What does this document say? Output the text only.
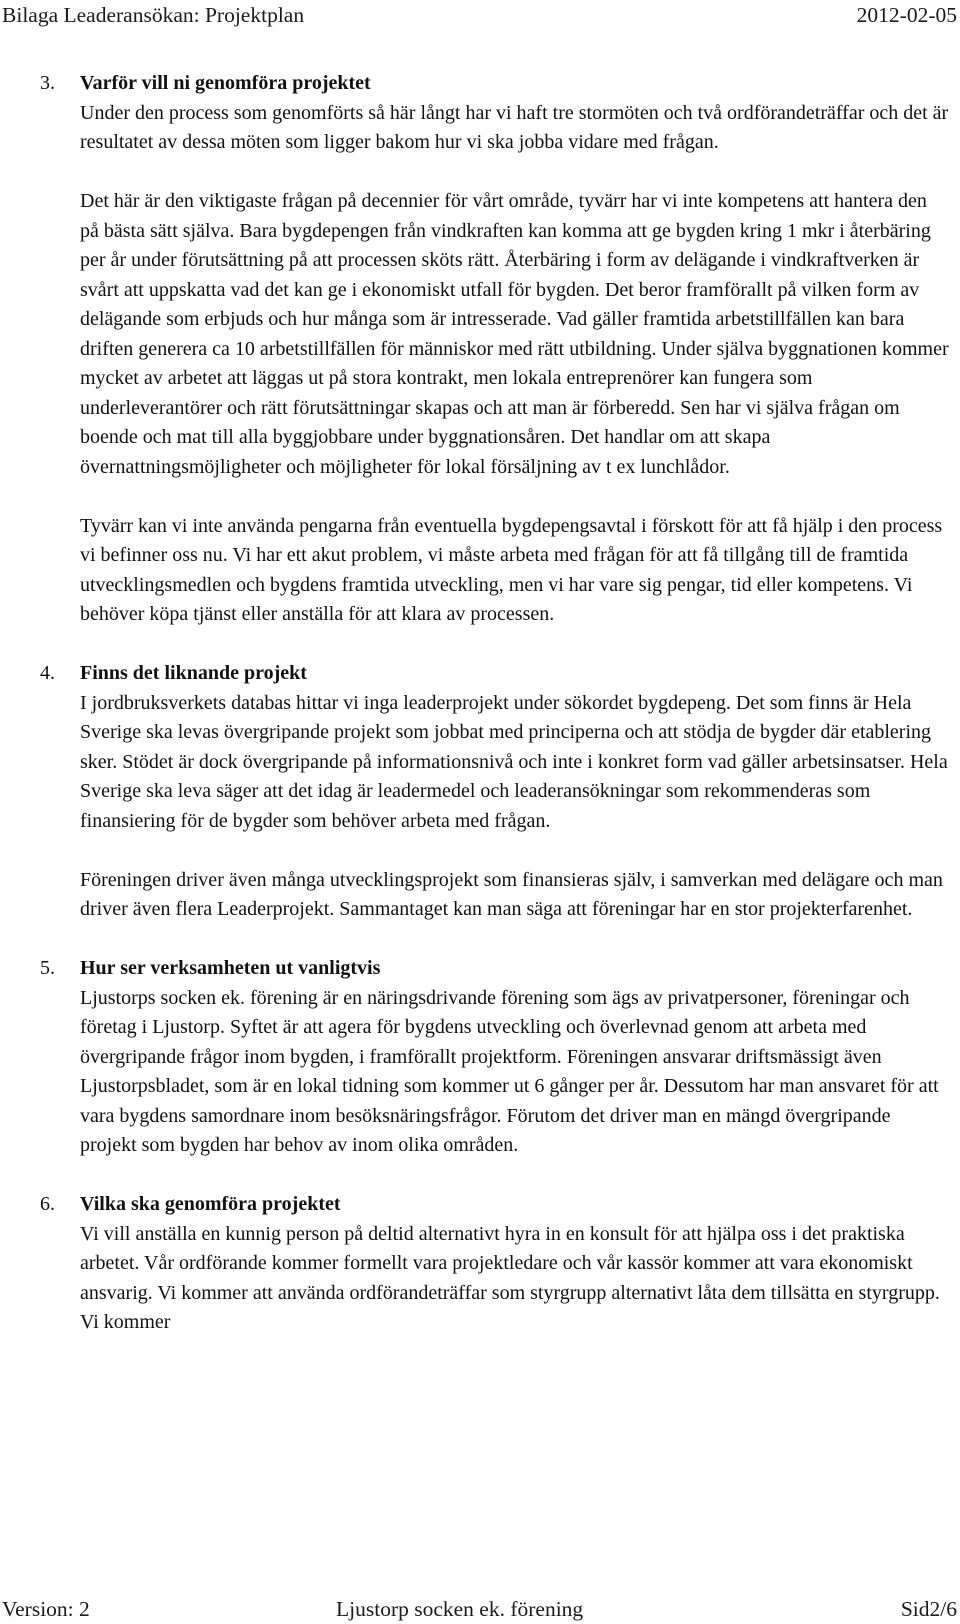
Bilaga Leaderansökan: Projektplan	2012-02-05
3. Varför vill ni genomföra projektet

Under den process som genomförts så här långt har vi haft tre stormöten och två ordförandeträffar och det är resultatet av dessa möten som ligger bakom hur vi ska jobba vidare med frågan.

Det här är den viktigaste frågan på decennier för vårt område, tyvärr har vi inte kompetens att hantera den på bästa sätt själva. Bara bygdepengen från vindkraften kan komma att ge bygden kring 1 mkr i återbäring per år under förutsättning på att processen sköts rätt. Återbäring i form av delägande i vindkraftverken är svårt att uppskatta vad det kan ge i ekonomiskt utfall för bygden. Det beror framförallt på vilken form av delägande som erbjuds och hur många som är intresserade. Vad gäller framtida arbetstillfällen kan bara driften generera ca 10 arbetstillfällen för människor med rätt utbildning. Under själva byggnationen kommer mycket av arbetet att läggas ut på stora kontrakt, men lokala entreprenörer kan fungera som underleverantörer och rätt förutsättningar skapas och att man är förberedd. Sen har vi själva frågan om boende och mat till alla byggjobbare under byggnationsåren. Det handlar om att skapa övernattningsmöjligheter och möjligheter för lokal försäljning av t ex lunchlådor.

Tyvärr kan vi inte använda pengarna från eventuella bygdepengsavtal i förskott för att få hjälp i den process vi befinner oss nu. Vi har ett akut problem, vi måste arbeta med frågan för att få tillgång till de framtida utvecklingsmedlen och bygdens framtida utveckling, men vi har vare sig pengar, tid eller kompetens. Vi behöver köpa tjänst eller anställa för att klara av processen.

4. Finns det liknande projekt

I jordbruksverkets databas hittar vi inga leaderprojekt under sökordet bygdepeng. Det som finns är Hela Sverige ska levas övergripande projekt som jobbat med principerna och att stödja de bygder där etablering sker. Stödet är dock övergripande på informationsnivå och inte i konkret form vad gäller arbetsinsatser. Hela Sverige ska leva säger att det idag är leadermedel och leaderansökningar som rekommenderas som finansiering för de bygder som behöver arbeta med frågan.

Föreningen driver även många utvecklingsprojekt som finansieras själv, i samverkan med delägare och man driver även flera Leaderprojekt. Sammantaget kan man säga att föreningar har en stor projekterfarenhet.

5. Hur ser verksamheten ut vanligtvis

Ljustorps socken ek. förening är en näringsdrivande förening som ägs av privatpersoner, föreningar och företag i Ljustorp. Syftet är att agera för bygdens utveckling och överlevnad genom att arbeta med övergripande frågor inom bygden, i framförallt projektform. Föreningen ansvarar driftsmässigt även Ljustorpsbladet, som är en lokal tidning som kommer ut 6 gånger per år. Dessutom har man ansvaret för att vara bygdens samordnare inom besöksnäringsfrågor. Förutom det driver man en mängd övergripande projekt som bygden har behov av inom olika områden.

6. Vilka ska genomföra projektet

Vi vill anställa en kunnig person på deltid alternativt hyra in en konsult för att hjälpa oss i det praktiska arbetet. Vår ordförande kommer formellt vara projektledare och vår kassör kommer att vara ekonomiskt ansvarig. Vi kommer att använda ordförandeträffar som styrgrupp alternativt låta dem tillsätta en styrgrupp. Vi kommer

Version: 2	Ljustorp socken ek. förening	Sid2/6
